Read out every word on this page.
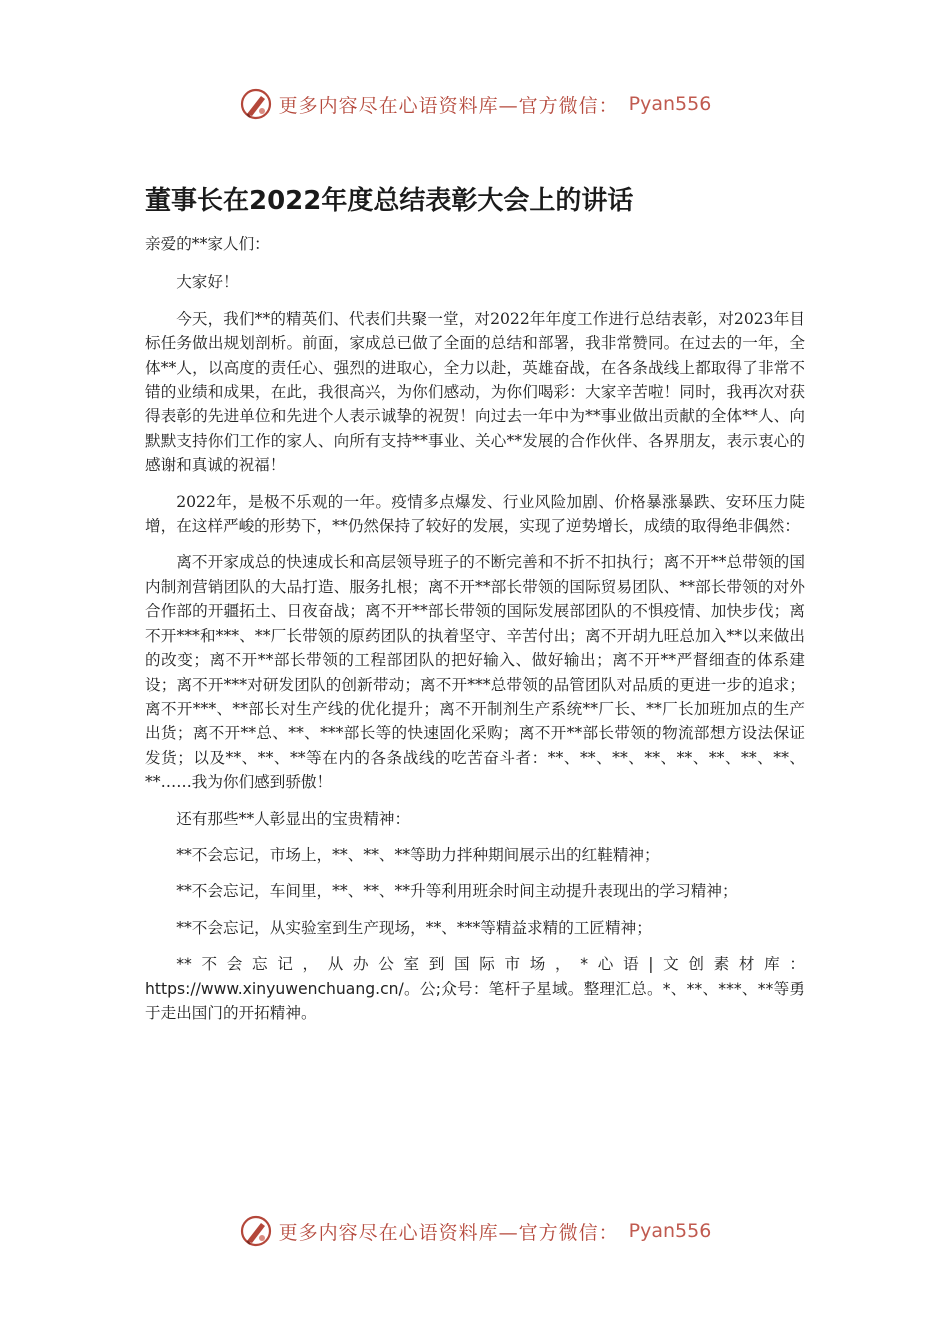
更多内容尽在心语资料库—官方微信： Pyan556
董事长在2022年度总结表彰大会上的讲话

亲爱的**家人们：

大家好！

今天，我们**的精英们、代表们共聚一堂，对2022年年度工作进行总结表彰，对2023年目标任务做出规划剖析。前面，家成总已做了全面的总结和部署，我非常赞同。在过去的一年，全体**人，以高度的责任心、强烈的进取心，全力以赴，英雄奋战，在各条战线上都取得了非常不错的业绩和成果，在此，我很高兴，为你们感动，为你们喝彩：大家辛苦啦！同时，我再次对获得表彰的先进单位和先进个人表示诚挚的祝贺！向过去一年中为**事业做出贡献的全体**人、向默默支持你们工作的家人、向所有支持**事业、关心**发展的合作伙伴、各界朋友，表示衷心的感谢和真诚的祝福！

2022年，是极不乐观的一年。疫情多点爆发、行业风险加剧、价格暴涨暴跌、安环压力陡增，在这样严峻的形势下，**仍然保持了较好的发展，实现了逆势增长，成绩的取得绝非偶然：

离不开家成总的快速成长和高层领导班子的不断完善和不折不扣执行；离不开**总带领的国内制剂营销团队的大品打造、服务扎根；离不开**部长带领的国际贸易团队、**部长带领的对外合作部的开疆拓土、日夜奋战；离不开**部长带领的国际发展部团队的不惧疫情、加快步伐；离不开***和***、**厂长带领的原药团队的执着坚守、辛苦付出；离不开胡九旺总加入**以来做出的改变；离不开**部长带领的工程部团队的把好输入、做好输出；离不开**严督细查的体系建设；离不开***对研发团队的创新带动；离不开***总带领的品管团队对品质的更进一步的追求；离不开***、**部长对生产线的优化提升；离不开制剂生产系统**厂长、**厂长加班加点的生产出货；离不开**总、**、***部长等的快速固化采购；离不开**部长带领的物流部想方设法保证发货；以及**、**、**等在内的各条战线的吃苦奋斗者：**、**、**、**、**、**、**、**、**……我为你们感到骄傲！

还有那些**人彰显出的宝贵精神：

**不会忘记，市场上，**、**、**等助力拌种期间展示出的红鞋精神；

**不会忘记，车间里，**、**、**升等利用班余时间主动提升表现出的学习精神；

**不会忘记，从实验室到生产现场，**、***等精益求精的工匠精神；

**不会忘记，从办公室到国际市场，*心语|文创素材库：https://www.xinyuwenchuang.cn/。公;众号：笔杆子星域。整理汇总。*、**、***、**等勇于走出国门的开拓精神。

更多内容尽在心语资料库—官方微信： Pyan556
